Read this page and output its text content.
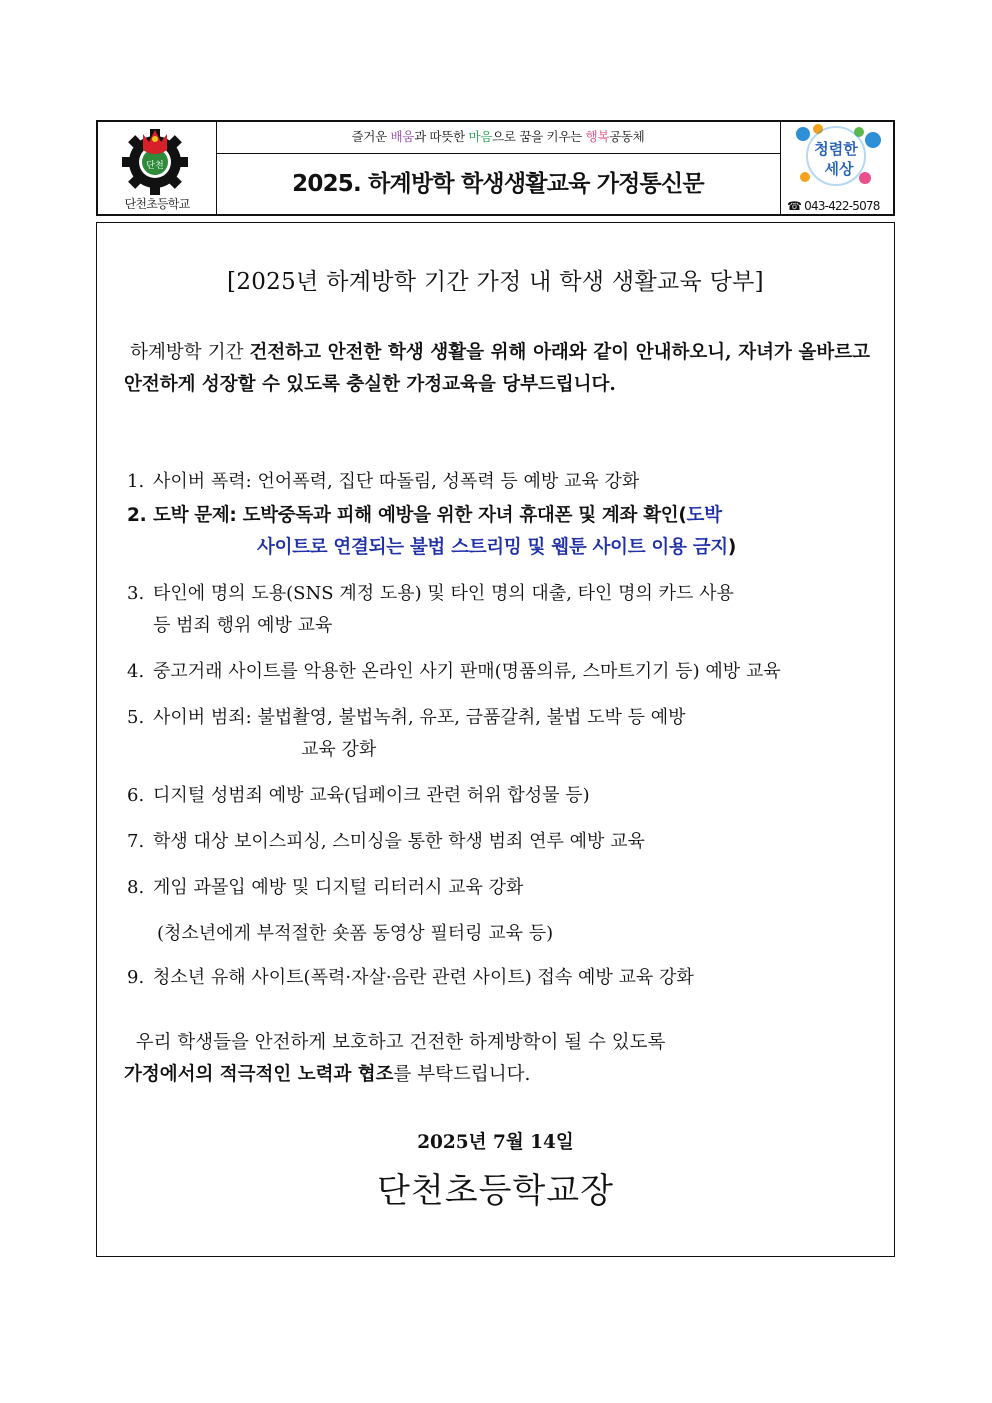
단천
단천초등학교
즐거운 배움과 따뜻한 마음으로 꿈을 키우는 행복공동체
2025. 하계방학 학생생활교육 가정통신문
청렴한
세상
☎ 043-422-5078
[2025년 하계방학 기간 가정 내 학생 생활교육 당부]
하계방학 기간 건전하고 안전한 학생 생활을 위해 아래와 같이 안내하오니, 자녀가 올바르고 안전하게 성장할 수 있도록 충실한 가정교육을 당부드립니다.
1. 사이버 폭력: 언어폭력, 집단 따돌림, 성폭력 등 예방 교육 강화
2. 도박 문제: 도박중독과 피해 예방을 위한 자녀 휴대폰 및 계좌 확인(도박
사이트로 연결되는 불법 스트리밍 및 웹툰 사이트 이용 금지)
3. 타인에 명의 도용(SNS 계정 도용) 및 타인 명의 대출, 타인 명의 카드 사용
등 범죄 행위 예방 교육
4. 중고거래 사이트를 악용한 온라인 사기 판매(명품의류, 스마트기기 등) 예방 교육
5. 사이버 범죄: 불법촬영, 불법녹취, 유포, 금품갈취, 불법 도박 등 예방
교육 강화
6. 디지털 성범죄 예방 교육(딥페이크 관련 허위 합성물 등)
7. 학생 대상 보이스피싱, 스미싱을 통한 학생 범죄 연루 예방 교육
8. 게임 과몰입 예방 및 디지털 리터러시 교육 강화
(청소년에게 부적절한 숏폼 동영상 필터링 교육 등)
9. 청소년 유해 사이트(폭력·자살·음란 관련 사이트) 접속 예방 교육 강화
우리 학생들을 안전하게 보호하고 건전한 하계방학이 될 수 있도록
가정에서의 적극적인 노력과 협조를 부탁드립니다.
2025년 7월 14일
단천초등학교장
